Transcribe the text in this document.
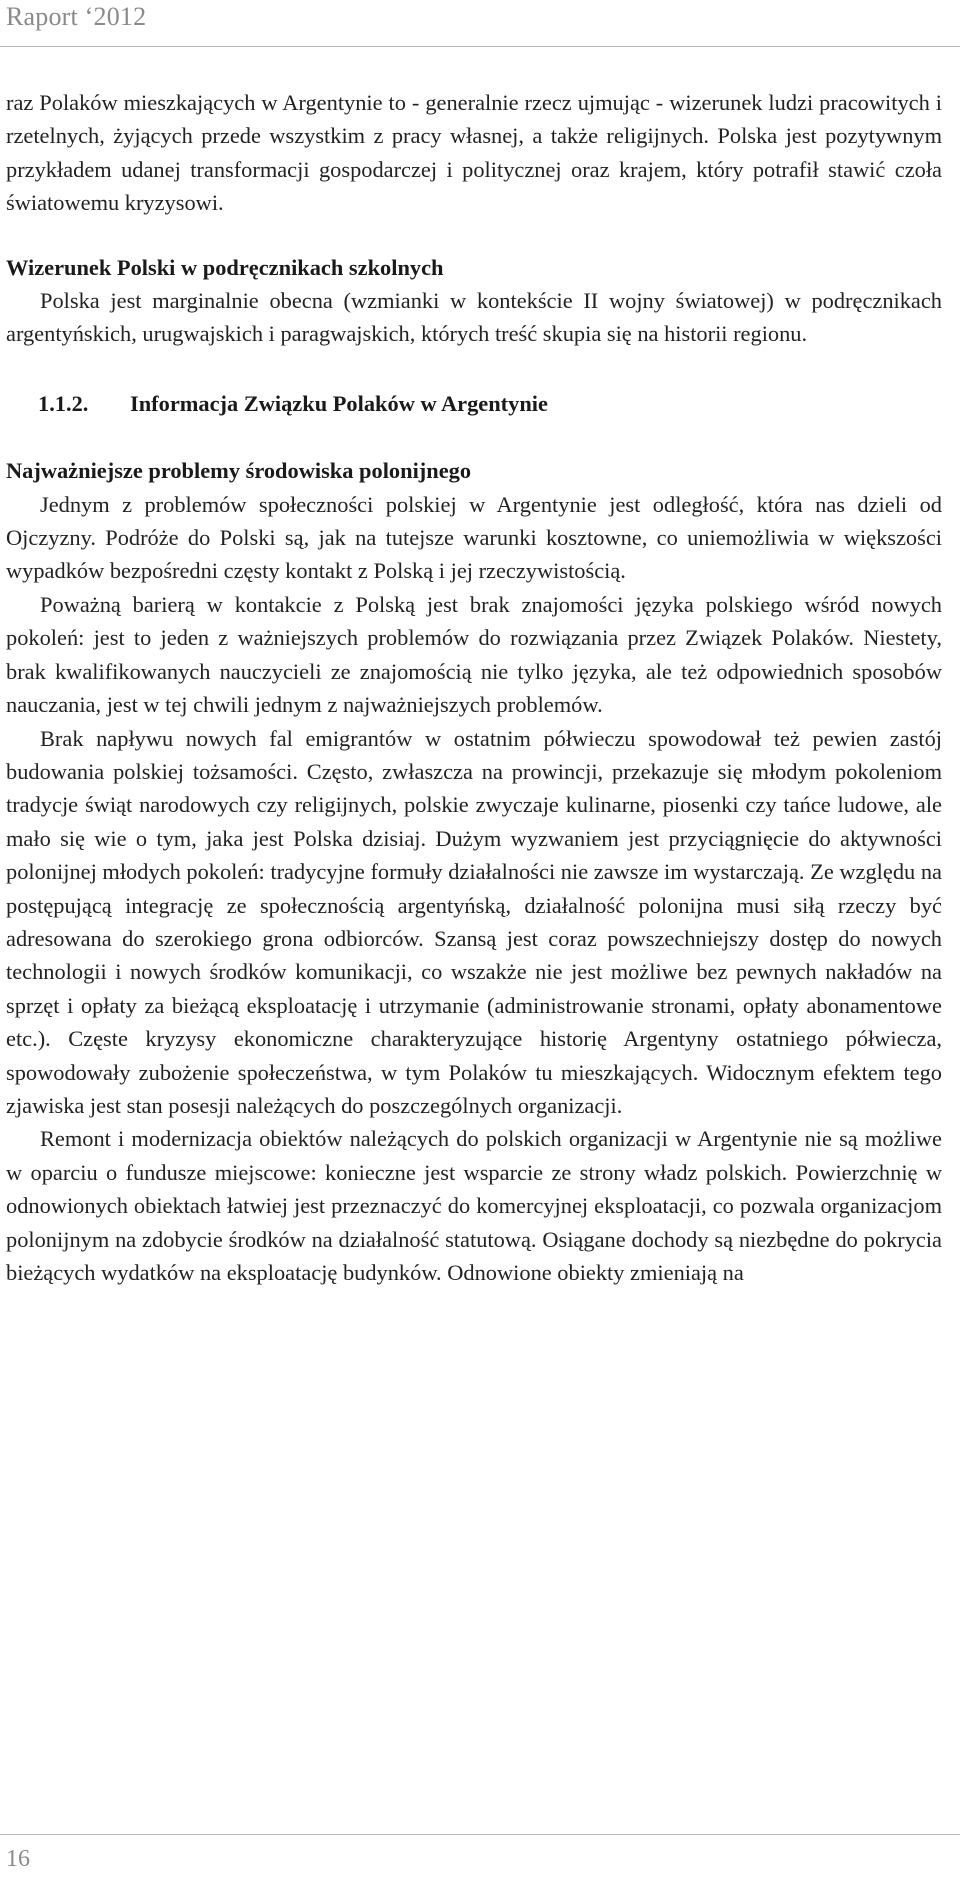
Raport ‘2012

raz Polaków mieszkających w Argentynie to - generalnie rzecz ujmując - wizerunek ludzi pracowitych i rzetelnych, żyjących przede wszystkim z pracy własnej, a także religijnych. Polska jest pozytywnym przykładem udanej transformacji gospodarczej i politycznej oraz krajem, który potrafił stawić czoła światowemu kryzysowi.

Wizerunek Polski w podręcznikach szkolnych

Polska jest marginalnie obecna (wzmianki w kontekście II wojny światowej) w podręcznikach argentyńskich, urugwajskich i paragwajskich, których treść skupia się na historii regionu.

1.1.2.	Informacja Związku Polaków w Argentynie
Najważniejsze problemy środowiska polonijnego

Jednym z problemów społeczności polskiej w Argentynie jest odległość, która nas dzieli od Ojczyzny. Podróże do Polski są, jak na tutejsze warunki kosztowne, co uniemożliwia w większości wypadków bezpośredni częsty kontakt z Polską i jej rzeczywistością.

Poważną barierą w kontakcie z Polską jest brak znajomości języka polskiego wśród nowych pokoleń: jest to jeden z ważniejszych problemów do rozwiązania przez Związek Polaków. Niestety, brak kwalifikowanych nauczycieli ze znajomością nie tylko języka, ale też odpowiednich sposobów nauczania, jest w tej chwili jednym z najważniejszych problemów.

Brak napływu nowych fal emigrantów w ostatnim półwieczu spowodował też pewien zastój budowania polskiej tożsamości. Często, zwłaszcza na prowincji, przekazuje się młodym pokoleniom tradycje świąt narodowych czy religijnych, polskie zwyczaje kulinarne, piosenki czy tańce ludowe, ale mało się wie o tym, jaka jest Polska dzisiaj. Dużym wyzwaniem jest przyciągnięcie do aktywności polonijnej młodych pokoleń: tradycyjne formuły działalności nie zawsze im wystarczają. Ze względu na postępującą integrację ze społecznością argentyńską, działalność polonijna musi siłą rzeczy być adresowana do szerokiego grona odbiorców. Szansą jest coraz powszechniejszy dostęp do nowych technologii i nowych środków komunikacji, co wszakże nie jest możliwe bez pewnych nakładów na sprzęt i opłaty za bieżącą eksploatację i utrzymanie (administrowanie stronami, opłaty abonamentowe etc.). Częste kryzysy ekonomiczne charakteryzujące historię Argentyny ostatniego półwiecza, spowodowały zubożenie społeczeństwa, w tym Polaków tu mieszkających. Widocznym efektem tego zjawiska jest stan posesji należących do poszczególnych organizacji.

Remont i modernizacja obiektów należących do polskich organizacji w Argentynie nie są możliwe w oparciu o fundusze miejscowe: konieczne jest wsparcie ze strony władz polskich. Powierzchnię w odnowionych obiektach łatwiej jest przeznaczyć do komercyjnej eksploatacji, co pozwala organizacjom polonijnym na zdobycie środków na działalność statutową. Osiągane dochody są niezbędne do pokrycia bieżących wydatków na eksploatację budynków. Odnowione obiekty zmieniają na

16
